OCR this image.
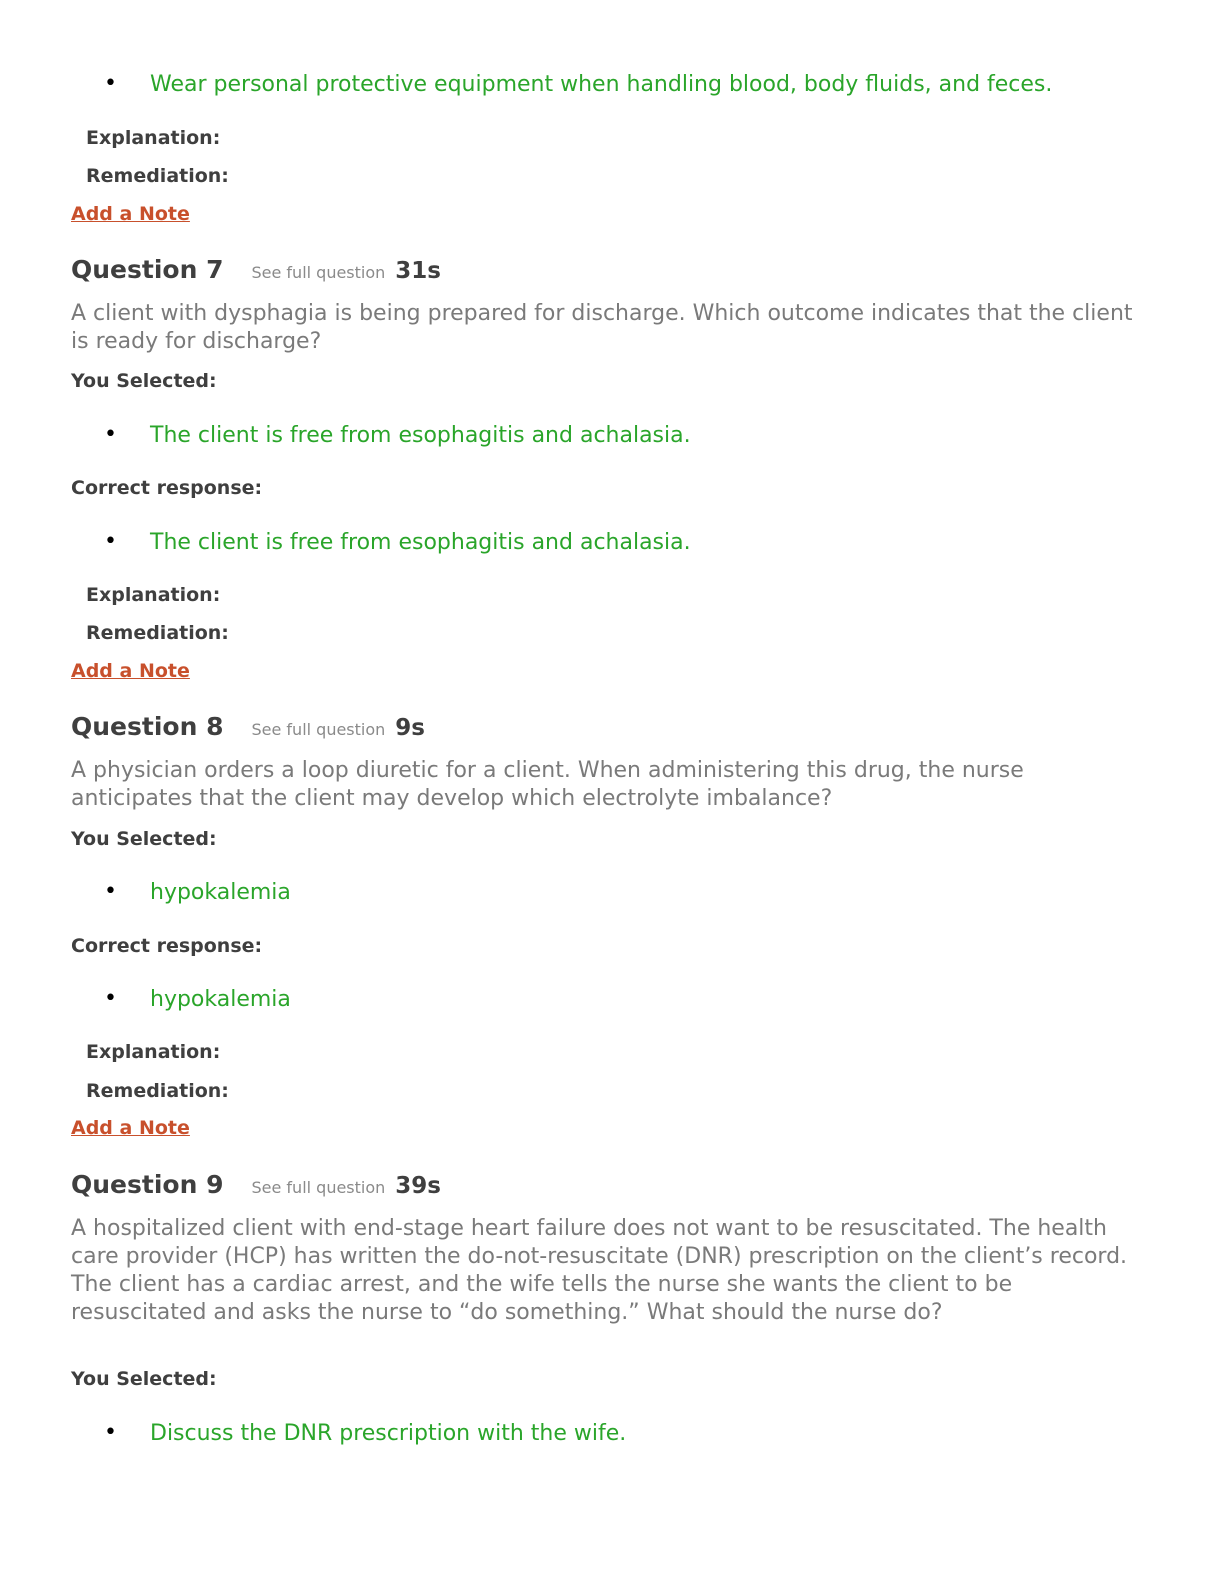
• Wear personal protective equipment when handling blood, body fluids, and feces.
Explanation:
Remediation:
Add a Note
Question 7 See full question 31s
A client with dysphagia is being prepared for discharge. Which outcome indicates that the client is ready for discharge?
You Selected:
• The client is free from esophagitis and achalasia.
Correct response:
• The client is free from esophagitis and achalasia.
Explanation:
Remediation:
Add a Note
Question 8 See full question 9s
A physician orders a loop diuretic for a client. When administering this drug, the nurse anticipates that the client may develop which electrolyte imbalance?
You Selected:
• hypokalemia
Correct response:
• hypokalemia
Explanation:
Remediation:
Add a Note
Question 9 See full question 39s
A hospitalized client with end-stage heart failure does not want to be resuscitated. The health care provider (HCP) has written the do-not-resuscitate (DNR) prescription on the client’s record. The client has a cardiac arrest, and the wife tells the nurse she wants the client to be resuscitated and asks the nurse to “do something.” What should the nurse do?
You Selected:
• Discuss the DNR prescription with the wife.
